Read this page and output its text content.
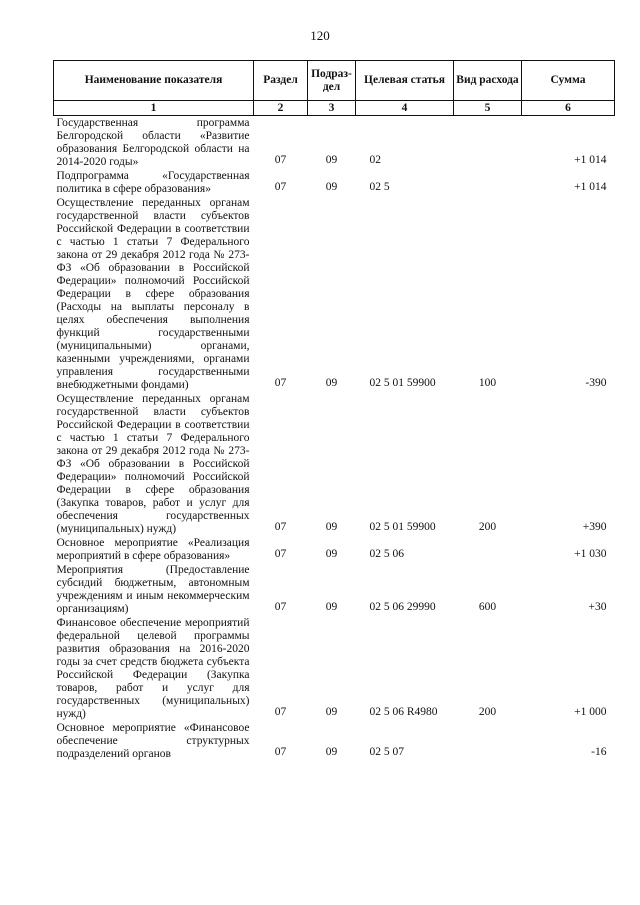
120
Наименование показателя	Раздел	Подраз-дел	Целевая статья	Вид расхода	Сумма
1	2	3	4	5	6
Государственная программа Белгородской области «Развитие образования Белгородской области на 2014-2020 годы»	07	09	02		+1 014
Подпрограмма «Государственная политика в сфере образования»	07	09	02 5		+1 014
Осуществление переданных органам государственной власти субъектов Российской Федерации в соответствии с частью 1 статьи 7 Федерального закона от 29 декабря 2012 года № 273-ФЗ «Об образовании в Российской Федерации» полномочий Российской Федерации в сфере образования (Расходы на выплаты персоналу в целях обеспечения выполнения функций государственными (муниципальными) органами, казенными учреждениями, органами управления государственными внебюджетными фондами)	07	09	02 5 01 59900	100	-390
Осуществление переданных органам государственной власти субъектов Российской Федерации в соответствии с частью 1 статьи 7 Федерального закона от 29 декабря 2012 года № 273-ФЗ «Об образовании в Российской Федерации» полномочий Российской Федерации в сфере образования (Закупка товаров, работ и услуг для обеспечения государственных (муниципальных) нужд)	07	09	02 5 01 59900	200	+390
Основное мероприятие «Реализация мероприятий в сфере образования»	07	09	02 5 06		+1 030
Мероприятия (Предоставление субсидий бюджетным, автономным учреждениям и иным некоммерческим организациям)	07	09	02 5 06 29990	600	+30
Финансовое обеспечение мероприятий федеральной целевой программы развития образования на 2016-2020 годы за счет средств бюджета субъекта Российской Федерации (Закупка товаров, работ и услуг для государственных (муниципальных) нужд)	07	09	02 5 06 R4980	200	+1 000
Основное мероприятие «Финансовое обеспечение структурных подразделений органов	07	09	02 5 07		-16
